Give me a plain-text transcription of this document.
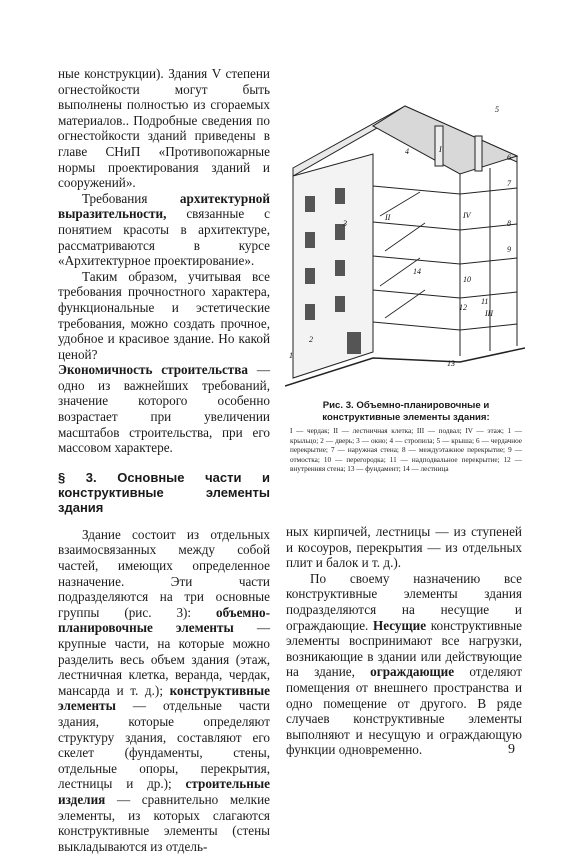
ные конструкции). Здания V степени огнестойкости могут быть выполнены полностью из сгораемых материалов.. Подробные сведения по огнестойкости зданий приведены в главе СНиП «Противопожарные нормы проектирования зданий и сооружений».

Требования архитектурной выразительности, связанные с понятием красоты в архитектуре, рассматриваются в курсе «Архитектурное проектирование».

Таким образом, учитывая все требования прочностного характера, функциональные и эстетические требования, можно создать прочное, удобное и красивое здание. Но какой ценой?

Экономичность строительства — одно из важнейших требований, значение которого особенно возрастает при увеличении масштабов строительства, при его массовом характере.

§ 3. Основные части и конструктивные элементы здания

Здание состоит из отдельных взаимосвязанных между собой частей, имеющих определенное назначение. Эти части подразделяются на три основные группы (рис. 3): объемно-планировочные элементы — крупные части, на которые можно разделить весь объем здания (этаж, лестничная клетка, веранда, чердак, мансарда и т. д.); конструктивные элементы — отдельные части здания, которые определяют структуру здания, составляют его скелет (фундаменты, стены, отдельные опоры, перекрытия, лестницы и др.); строительные изделия — сравнительно мелкие элементы, из которых слагаются конструктивные элементы (стены выкладываются из отдель-

1
2
3
4
5
6
7
8
9
10
11
12
13
14
I
II
III
IV
Рис. 3. Объемно-планировочные и конструктивные элементы здания:
I — чердак; II — лестничная клетка; III — подвал; IV — этаж; 1 — крыльцо; 2 — дверь; 3 — окно; 4 — стропила; 5 — крыша; 6 — чердачное перекрытие; 7 — наружная стена; 8 — междуэтажное перекрытие; 9 — отмостка; 10 — перегородка; 11 — надподвальное перекрытие; 12 — внутренняя стена; 13 — фундамент; 14 — лестница

ных кирпичей, лестницы — из ступеней и косоуров, перекрытия — из отдельных плит и балок и т. д.).

По своему назначению все конструктивные элементы здания подразделяются на несущие и ограждающие. Несущие конструктивные элементы воспринимают все нагрузки, возникающие в здании или действующие на здание, ограждающие отделяют помещения от внешнего пространства и одно помещение от другого. В ряде случаев конструктивные элементы выполняют и несущую и ограждающую функции одновременно.	9
